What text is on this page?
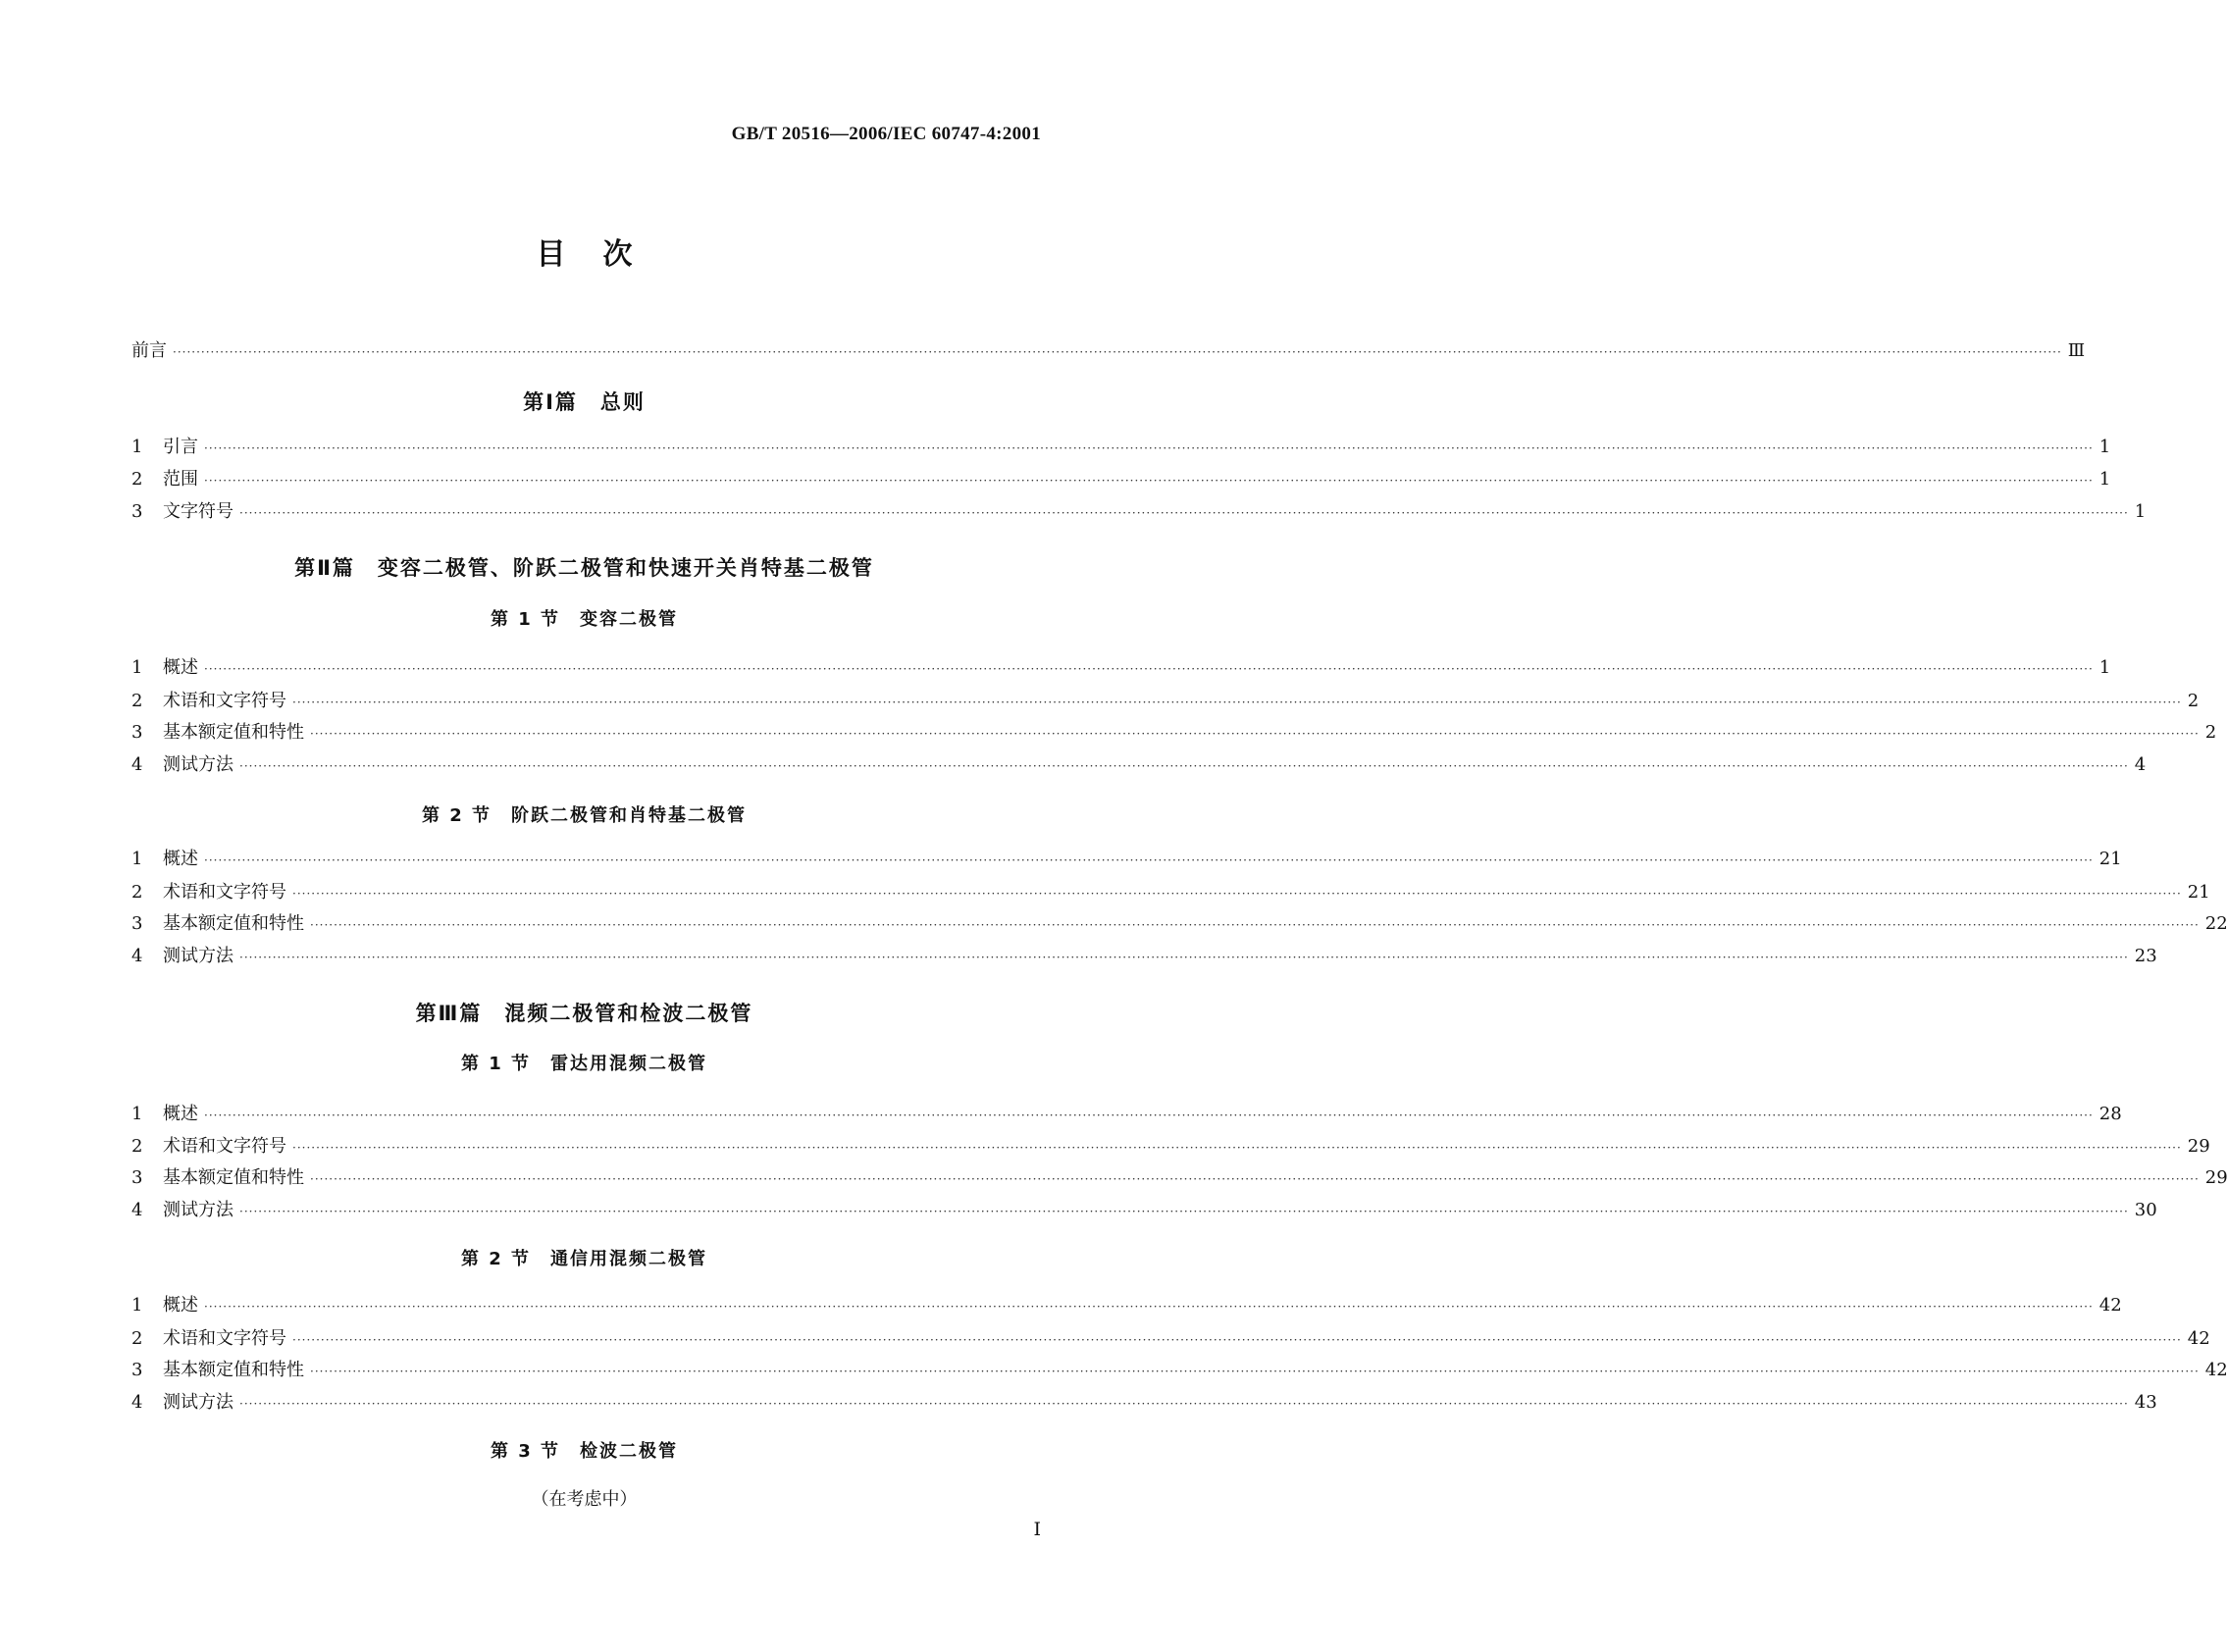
GB/T 20516—2006/IEC 60747-4:2001
目次
前言 ················································································································································································································································································································································································································ Ⅲ
第Ⅰ篇　总则
1	引言 ················································································································································································································································································································································································································ 1
2	范围 ················································································································································································································································································································································································································ 1
3	文字符号 ················································································································································································································································································································································································································ 1
第Ⅱ篇　变容二极管、阶跃二极管和快速开关肖特基二极管
第 1 节　变容二极管
1	概述 ················································································································································································································································································································································································································ 1
2	术语和文字符号 ················································································································································································································································································································································································································ 2
3	基本额定值和特性 ················································································································································································································································································································································································································ 2
4	测试方法 ················································································································································································································································································································································································································ 4
第 2 节　阶跃二极管和肖特基二极管
1	概述 ················································································································································································································································································································································································································ 21
2	术语和文字符号 ················································································································································································································································································································································································································ 21
3	基本额定值和特性 ················································································································································································································································································································································································································ 22
4	测试方法 ················································································································································································································································································································································································································ 23
第Ⅲ篇　混频二极管和检波二极管
第 1 节　雷达用混频二极管
1	概述 ················································································································································································································································································································································································································ 28
2	术语和文字符号 ················································································································································································································································································································································································································ 29
3	基本额定值和特性 ················································································································································································································································································································································································································ 29
4	测试方法 ················································································································································································································································································································································································································ 30
第 2 节　通信用混频二极管
1	概述 ················································································································································································································································································································································································································ 42
2	术语和文字符号 ················································································································································································································································································································································································································ 42
3	基本额定值和特性 ················································································································································································································································································································································································································ 42
4	测试方法 ················································································································································································································································································································································································································ 43
第 3 节　检波二极管
（在考虑中）
Ⅰ
